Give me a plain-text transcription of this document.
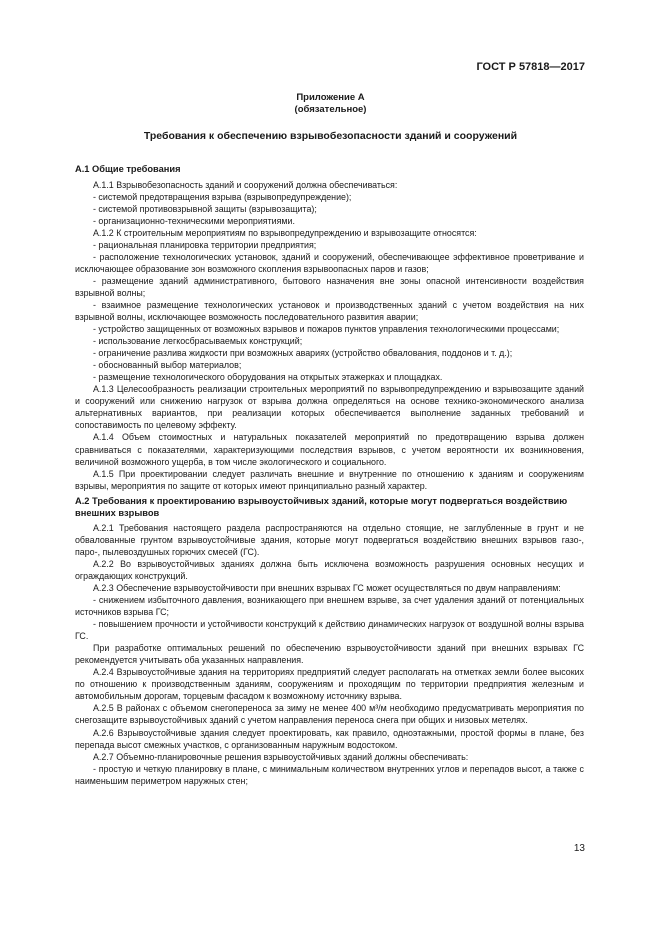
ГОСТ Р 57818—2017
Приложение А
(обязательное)
Требования к обеспечению взрывобезопасности зданий и сооружений
А.1 Общие требования

А.1.1 Взрывобезопасность зданий и сооружений должна обеспечиваться:

- системой предотвращения взрыва (взрывопредупреждение);

- системой противовзрывной защиты (взрывозащита);

- организационно-техническими мероприятиями.

А.1.2 К строительным мероприятиям по взрывопредупреждению и взрывозащите относятся:

- рациональная планировка территории предприятия;

- расположение технологических установок, зданий и сооружений, обеспечивающее эффективное проветривание и исключающее образование зон возможного скопления взрывоопасных паров и газов;

- размещение зданий административного, бытового назначения вне зоны опасной интенсивности воздействия взрывной волны;

- взаимное размещение технологических установок и производственных зданий с учетом воздействия на них взрывной волны, исключающее возможность последовательного развития аварии;

- устройство защищенных от возможных взрывов и пожаров пунктов управления технологическими процессами;

- использование легкосбрасываемых конструкций;

- ограничение разлива жидкости при возможных авариях (устройство обвалования, поддонов и т. д.);

- обоснованный выбор материалов;

- размещение технологического оборудования на открытых этажерках и площадках.

А.1.3 Целесообразность реализации строительных мероприятий по взрывопредупреждению и взрывозащите зданий и сооружений или снижению нагрузок от взрыва должна определяться на основе технико-экономического анализа альтернативных вариантов, при реализации которых обеспечивается выполнение заданных требований и сопоставимость по целевому эффекту.

А.1.4 Объем стоимостных и натуральных показателей мероприятий по предотвращению взрыва должен сравниваться с показателями, характеризующими последствия взрывов, с учетом вероятности их возникновения, величиной возможного ущерба, в том числе экологического и социального.

А.1.5 При проектировании следует различать внешние и внутренние по отношению к зданиям и сооружениям взрывы, мероприятия по защите от которых имеют принципиально разный характер.

А.2 Требования к проектированию взрывоустойчивых зданий, которые могут подвергаться воздействию внешних взрывов

А.2.1 Требования настоящего раздела распространяются на отдельно стоящие, не заглубленные в грунт и не обвалованные грунтом взрывоустойчивые здания, которые могут подвергаться воздействию внешних взрывов газо-, паро-, пылевоздушных горючих смесей (ГС).

А.2.2 Во взрывоустойчивых зданиях должна быть исключена возможность разрушения основных несущих и ограждающих конструкций.

А.2.3 Обеспечение взрывоустойчивости при внешних взрывах ГС может осуществляться по двум направлениям:

- снижением избыточного давления, возникающего при внешнем взрыве, за счет удаления зданий от потенциальных источников взрыва ГС;

- повышением прочности и устойчивости конструкций к действию динамических нагрузок от воздушной волны взрыва ГС.

При разработке оптимальных решений по обеспечению взрывоустойчивости зданий при внешних взрывах ГС рекомендуется учитывать оба указанных направления.

А.2.4 Взрывоустойчивые здания на территориях предприятий следует располагать на отметках земли более высоких по отношению к производственным зданиям, сооружениям и проходящим по территории предприятия железным и автомобильным дорогам, торцевым фасадом к возможному источнику взрыва.

А.2.5 В районах с объемом снегопереноса за зиму не менее 400 м³/м необходимо предусматривать мероприятия по снегозащите взрывоустойчивых зданий с учетом направления переноса снега при общих и низовых метелях.

А.2.6 Взрывоустойчивые здания следует проектировать, как правило, одноэтажными, простой формы в плане, без перепада высот смежных участков, с организованным наружным водостоком.

А.2.7 Объемно-планировочные решения взрывоустойчивых зданий должны обеспечивать:

- простую и четкую планировку в плане, с минимальным количеством внутренних углов и перепадов высот, а также с наименьшим периметром наружных стен;

13
